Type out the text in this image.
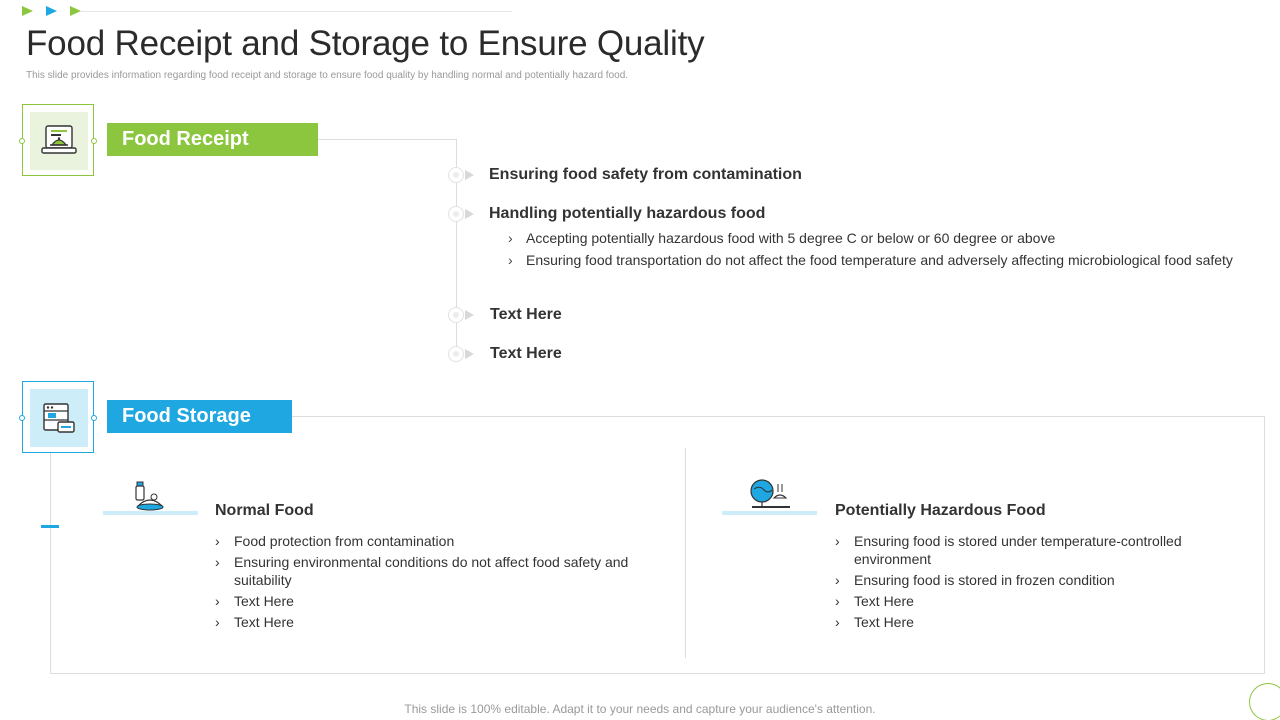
Food Receipt and Storage to Ensure Quality
This slide provides information regarding food receipt and storage to ensure food quality by handling normal and potentially hazard food.
Food Receipt
Ensuring food safety from contamination
Handling potentially hazardous food
› Accepting potentially hazardous food with 5 degree C or below or 60 degree or above
› Ensuring food transportation do not affect the food temperature and adversely affecting microbiological food safety
Text Here
Text Here
Food Storage
Normal Food
› Food protection from contamination
› Ensuring environmental conditions do not affect food safety and suitability
› Text Here
› Text Here
Potentially Hazardous Food
› Ensuring food is stored under temperature-controlled environment
› Ensuring food is stored in frozen condition
› Text Here
› Text Here
This slide is 100% editable. Adapt it to your needs and capture your audience's attention.
